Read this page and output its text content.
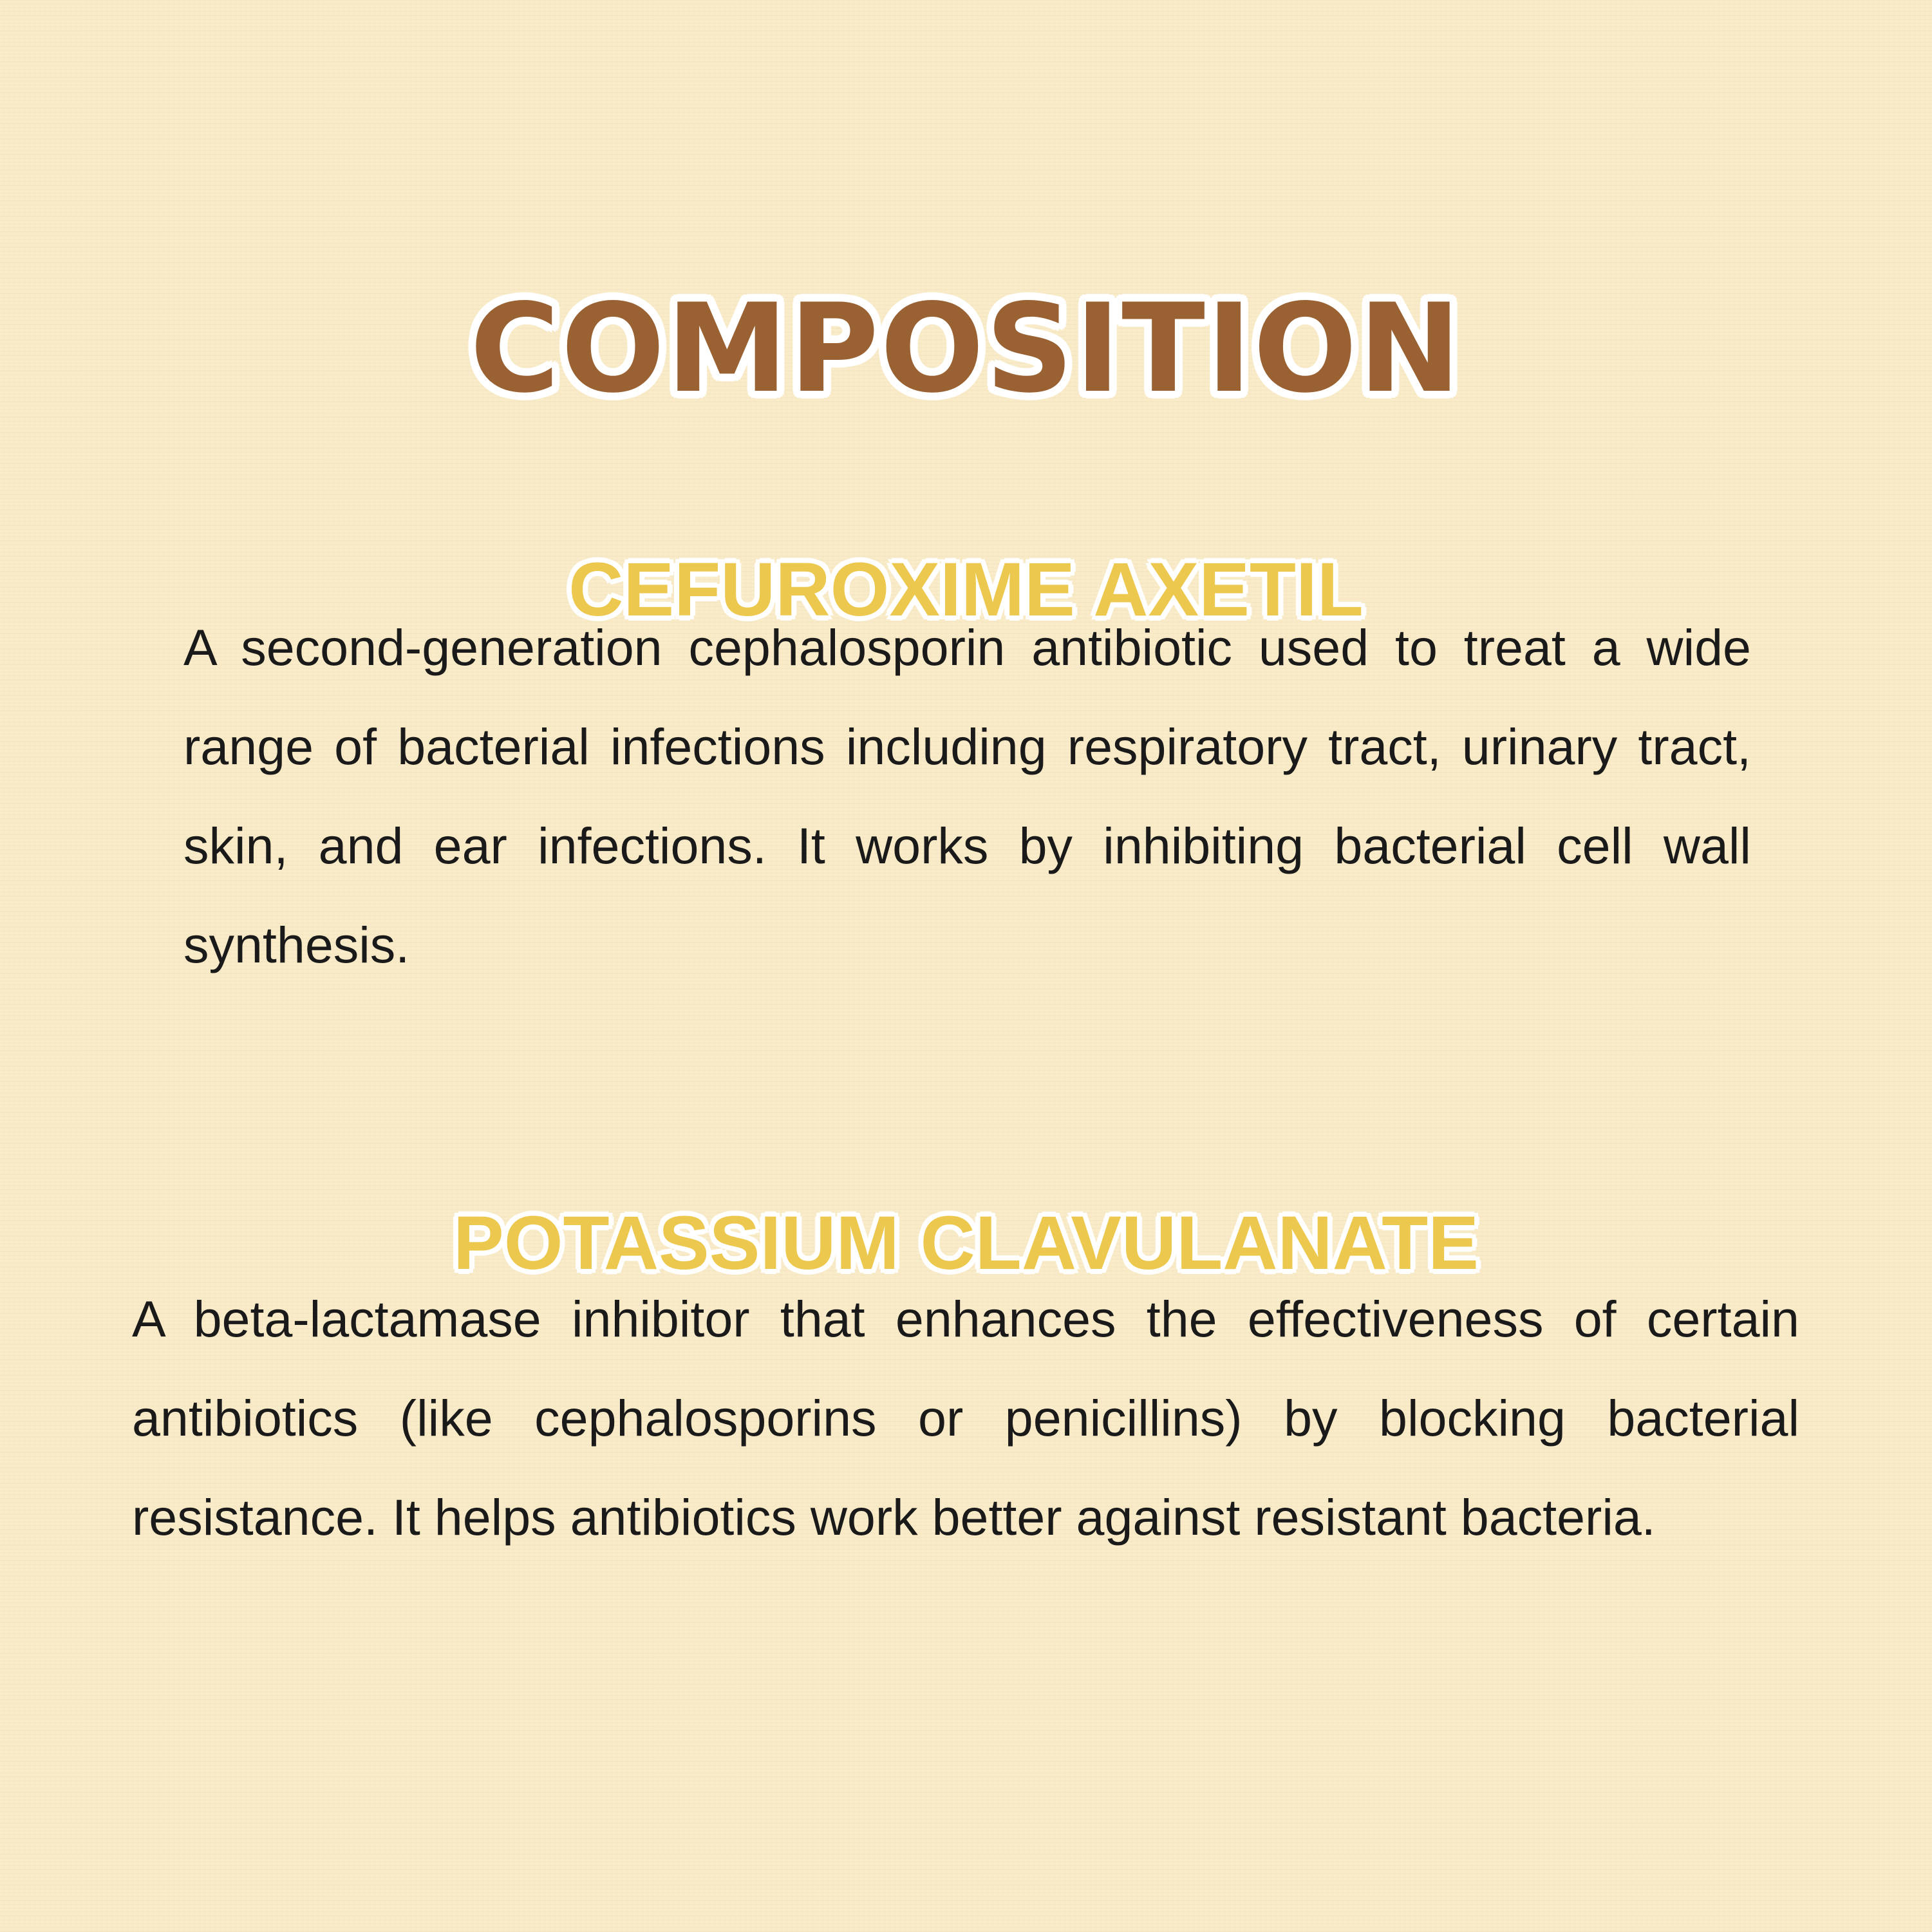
COMPOSITION
CEFUROXIME AXETIL

A second-generation cephalosporin antibiotic used to treat a wide range of bacterial infections including respiratory tract, urinary tract, skin, and ear infections. It works by inhibiting bacterial cell wall synthesis.

POTASSIUM CLAVULANATE

A beta-lactamase inhibitor that enhances the effectiveness of certain antibiotics (like cephalosporins or penicillins) by blocking bacterial resistance. It helps antibiotics work better against resistant bacteria.
